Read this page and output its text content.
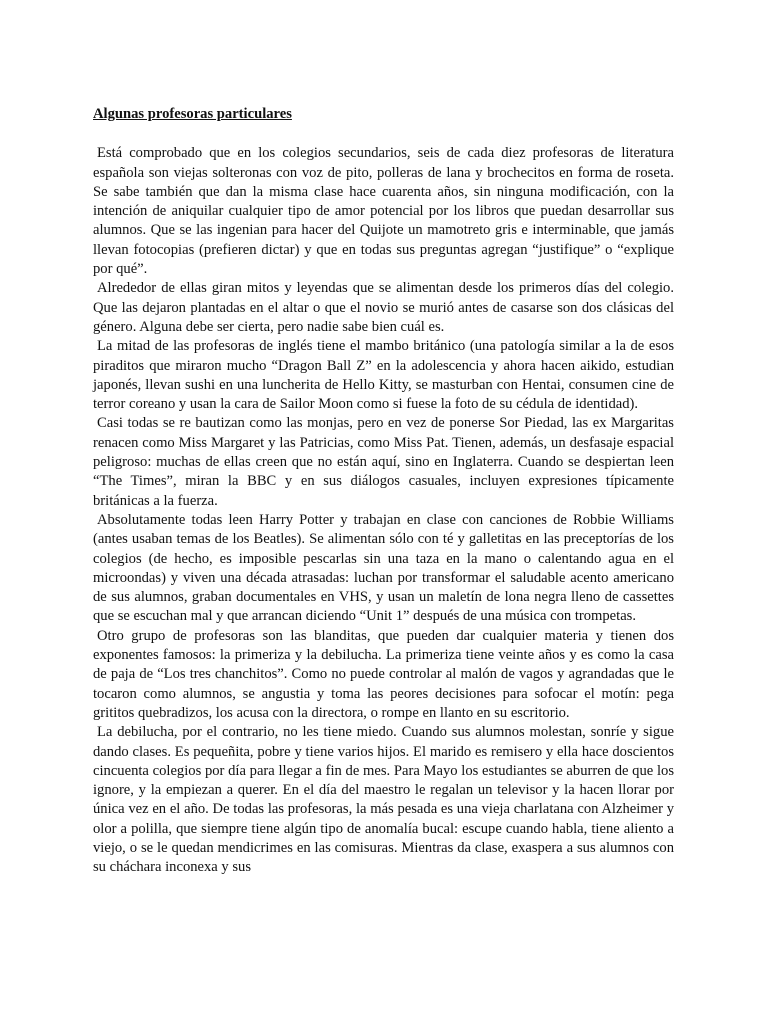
Algunas profesoras particulares

Está comprobado que en los colegios secundarios, seis de cada diez profesoras de literatura española son viejas solteronas con voz de pito, polleras de lana y brochecitos en forma de roseta. Se sabe también que dan la misma clase hace cuarenta años, sin ninguna modificación, con la intención de aniquilar cualquier tipo de amor potencial por los libros que puedan desarrollar sus alumnos. Que se las ingenian para hacer del Quijote un mamotreto gris e interminable, que jamás llevan fotocopias (prefieren dictar) y que en todas sus preguntas agregan “justifique” o “explique por qué”.

Alrededor de ellas giran mitos y leyendas que se alimentan desde los primeros días del colegio. Que las dejaron plantadas en el altar o que el novio se murió antes de casarse son dos clásicas del género. Alguna debe ser cierta, pero nadie sabe bien cuál es.

La mitad de las profesoras de inglés tiene el mambo británico (una patología similar a la de esos piraditos que miraron mucho “Dragon Ball Z” en la adolescencia y ahora hacen aikido, estudian japonés, llevan sushi en una luncherita de Hello Kitty, se masturban con Hentai, consumen cine de terror coreano y usan la cara de Sailor Moon como si fuese la foto de su cédula de identidad).

Casi todas se re bautizan como las monjas, pero en vez de ponerse Sor Piedad, las ex Margaritas renacen como Miss Margaret y las Patricias, como Miss Pat. Tienen, además, un desfasaje espacial peligroso: muchas de ellas creen que no están aquí, sino en Inglaterra. Cuando se despiertan leen “The Times”, miran la BBC y en sus diálogos casuales, incluyen expresiones típicamente británicas a la fuerza.

Absolutamente todas leen Harry Potter y trabajan en clase con canciones de Robbie Williams (antes usaban temas de los Beatles). Se alimentan sólo con té y galletitas en las preceptorías de los colegios (de hecho, es imposible pescarlas sin una taza en la mano o calentando agua en el microondas) y viven una década atrasadas: luchan por transformar el saludable acento americano de sus alumnos, graban documentales en VHS, y usan un maletín de lona negra lleno de cassettes que se escuchan mal y que arrancan diciendo “Unit 1” después de una música con trompetas.

Otro grupo de profesoras son las blanditas, que pueden dar cualquier materia y tienen dos exponentes famosos: la primeriza y la debilucha. La primeriza tiene veinte años y es como la casa de paja de “Los tres chanchitos”. Como no puede controlar al malón de vagos y agrandadas que le tocaron como alumnos, se angustia y toma las peores decisiones para sofocar el motín: pega grititos quebradizos, los acusa con la directora, o rompe en llanto en su escritorio.

La debilucha, por el contrario, no les tiene miedo. Cuando sus alumnos molestan, sonríe y sigue dando clases. Es pequeñita, pobre y tiene varios hijos. El marido es remisero y ella hace doscientos cincuenta colegios por día para llegar a fin de mes. Para Mayo los estudiantes se aburren de que los ignore, y la empiezan a querer. En el día del maestro le regalan un televisor y la hacen llorar por única vez en el año. De todas las profesoras, la más pesada es una vieja charlatana con Alzheimer y olor a polilla, que siempre tiene algún tipo de anomalía bucal: escupe cuando habla, tiene aliento a viejo, o se le quedan mendicrimes en las comisuras. Mientras da clase, exaspera a sus alumnos con su cháchara inconexa y sus
